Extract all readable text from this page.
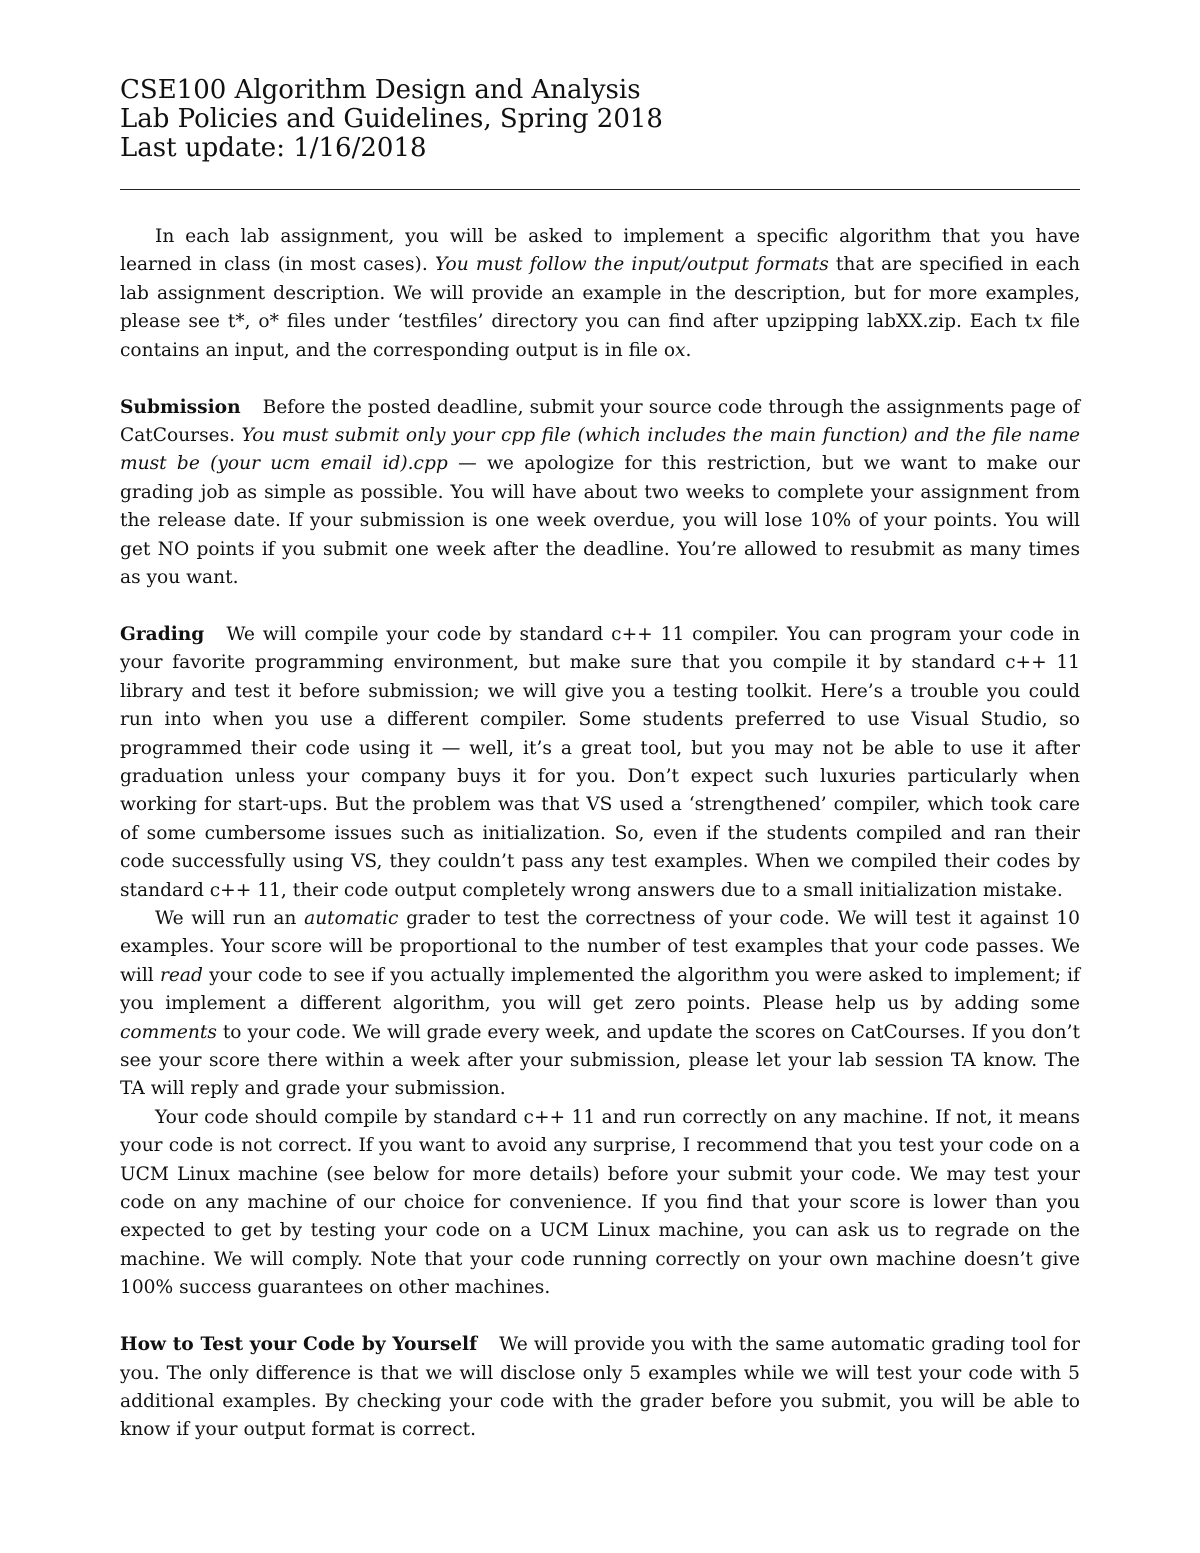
CSE100 Algorithm Design and Analysis

Lab Policies and Guidelines, Spring 2018

Last update: 1/16/2018

In each lab assignment, you will be asked to implement a specific algorithm that you have learned in class (in most cases). You must follow the input/output formats that are specified in each lab assignment description. We will provide an example in the description, but for more examples, please see t*, o* files under ‘testfiles’ directory you can find after upzipping labXX.zip. Each tx file contains an input, and the corresponding output is in file ox.

Submission Before the posted deadline, submit your source code through the assignments page of CatCourses. You must submit only your cpp file (which includes the main function) and the file name must be (your ucm email id).cpp — we apologize for this restriction, but we want to make our grading job as simple as possible. You will have about two weeks to complete your assignment from the release date. If your submission is one week overdue, you will lose 10% of your points. You will get NO points if you submit one week after the deadline. You’re allowed to resubmit as many times as you want.

Grading We will compile your code by standard c++ 11 compiler. You can program your code in your favorite programming environment, but make sure that you compile it by standard c++ 11 library and test it before submission; we will give you a testing toolkit. Here’s a trouble you could run into when you use a different compiler. Some students preferred to use Visual Studio, so programmed their code using it — well, it’s a great tool, but you may not be able to use it after graduation unless your company buys it for you. Don’t expect such luxuries particularly when working for start-ups. But the problem was that VS used a ‘strengthened’ compiler, which took care of some cumbersome issues such as initialization. So, even if the students compiled and ran their code successfully using VS, they couldn’t pass any test examples. When we compiled their codes by standard c++ 11, their code output completely wrong answers due to a small initialization mistake.

We will run an automatic grader to test the correctness of your code. We will test it against 10 examples. Your score will be proportional to the number of test examples that your code passes. We will read your code to see if you actually implemented the algorithm you were asked to implement; if you implement a different algorithm, you will get zero points. Please help us by adding some comments to your code. We will grade every week, and update the scores on CatCourses. If you don’t see your score there within a week after your submission, please let your lab session TA know. The TA will reply and grade your submission.

Your code should compile by standard c++ 11 and run correctly on any machine. If not, it means your code is not correct. If you want to avoid any surprise, I recommend that you test your code on a UCM Linux machine (see below for more details) before your submit your code. We may test your code on any machine of our choice for convenience. If you find that your score is lower than you expected to get by testing your code on a UCM Linux machine, you can ask us to regrade on the machine. We will comply. Note that your code running correctly on your own machine doesn’t give 100% success guarantees on other machines.

How to Test your Code by Yourself We will provide you with the same automatic grading tool for you. The only difference is that we will disclose only 5 examples while we will test your code with 5 additional examples. By checking your code with the grader before you submit, you will be able to know if your output format is correct.
